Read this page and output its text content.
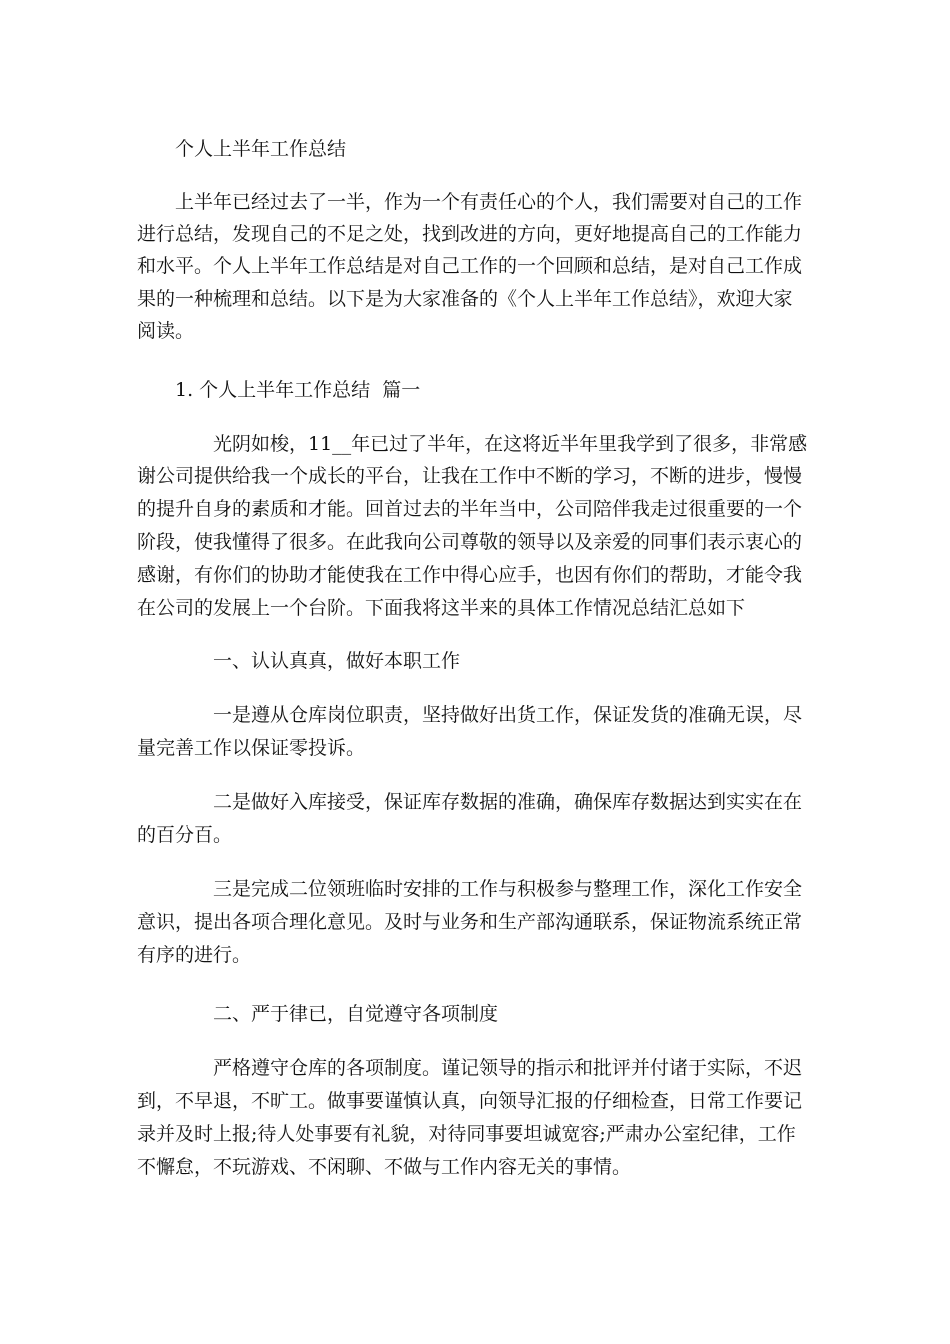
个人上半年工作总结
上半年已经过去了一半，作为一个有责任心的个人，我们需要对自己的工作
进行总结，发现自己的不足之处，找到改进的方向，更好地提高自己的工作能力
和水平。个人上半年工作总结是对自己工作的一个回顾和总结，是对自己工作成
果的一种梳理和总结。以下是为大家准备的《个人上半年工作总结》，欢迎大家
阅读。
1. 个人上半年工作总结  篇一
光阴如梭，11__年已过了半年，在这将近半年里我学到了很多，非常感
谢公司提供给我一个成长的平台，让我在工作中不断的学习，不断的进步，慢慢
的提升自身的素质和才能。回首过去的半年当中，公司陪伴我走过很重要的一个
阶段，使我懂得了很多。在此我向公司尊敬的领导以及亲爱的同事们表示衷心的
感谢，有你们的协助才能使我在工作中得心应手，也因有你们的帮助，才能令我
在公司的发展上一个台阶。下面我将这半来的具体工作情况总结汇总如下
一、认认真真，做好本职工作
一是遵从仓库岗位职责，坚持做好出货工作，保证发货的准确无误，尽
量完善工作以保证零投诉。
二是做好入库接受，保证库存数据的准确，确保库存数据达到实实在在
的百分百。
三是完成二位领班临时安排的工作与积极参与整理工作，深化工作安全
意识，提出各项合理化意见。及时与业务和生产部沟通联系，保证物流系统正常
有序的进行。
二、严于律已，自觉遵守各项制度
严格遵守仓库的各项制度。谨记领导的指示和批评并付诸于实际，不迟
到，不早退，不旷工。做事要谨慎认真，向领导汇报的仔细检查，日常工作要记
录并及时上报;待人处事要有礼貌，对待同事要坦诚宽容;严肃办公室纪律，工作
不懈怠，不玩游戏、不闲聊、不做与工作内容无关的事情。
